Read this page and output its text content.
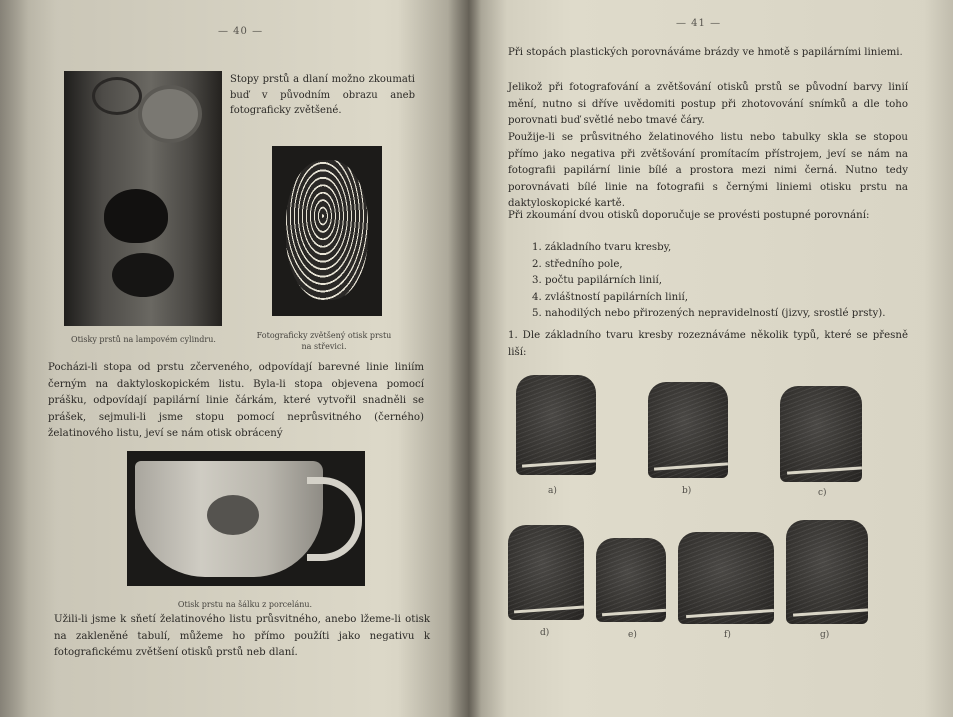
— 40 —
Stopy prstů a dlaní možno zkoumati buď v původním obrazu aneb fotograficky zvětšené.
Otisky prstů na lampovém cylindru.	Fotograficky zvětšený otisk prstu na střevici.
Pocházi-li stopa od prstu zčerveného, odpovídají barevné linie liniím černým na daktyloskopickém listu. Byla-li stopa objevena pomocí prášku, odpovídají papilární linie čárkám, které vytvořil snadněli se prášek, sejmuli-li jsme stopu pomocí neprůsvitného (černého) želatinového listu, jeví se nám otisk obrácený
Otisk prstu na šálku z porcelánu.
Užili-li jsme k sňetí želatinového listu průsvitného, anebo lžeme-li otisk na zakleněné tabulí, můžeme ho přímo použíti jako negativu k fotografickému zvětšení otisků prstů neb dlaní.
— 41 —
Při stopách plastických porovnáváme brázdy ve hmotě s papilárními liniemi.
Jelikož při fotografování a zvětšování otisků prstů se původní barvy linií mění, nutno si dříve uvědomiti postup při zhotovování snímků a dle toho porovnati buď světlé nebo tmavé čáry.
Použije-li se průsvitného želatinového listu nebo tabulky skla se stopou přímo jako negativa při zvětšování promítacím přístrojem, jeví se nám na fotografii papilární linie bílé a prostora mezi nimi černá. Nutno tedy porovnávati bílé linie na fotografii s černými liniemi otisku prstu na daktyloskopické kartě.
Při zkoumání dvou otisků doporučuje se provésti postupné porovnání:
1. základního tvaru kresby,
2. středního pole,
3. počtu papilárních linií,
4. zvláštností papilárních linií,
5. nahodilých nebo přirozených nepravidelností (jizvy, srostlé prsty).
1. Dle základního tvaru kresby rozeznáváme několik typů, které se přesně liší:
a)	b)	c)
d)	e)	f)	g)
